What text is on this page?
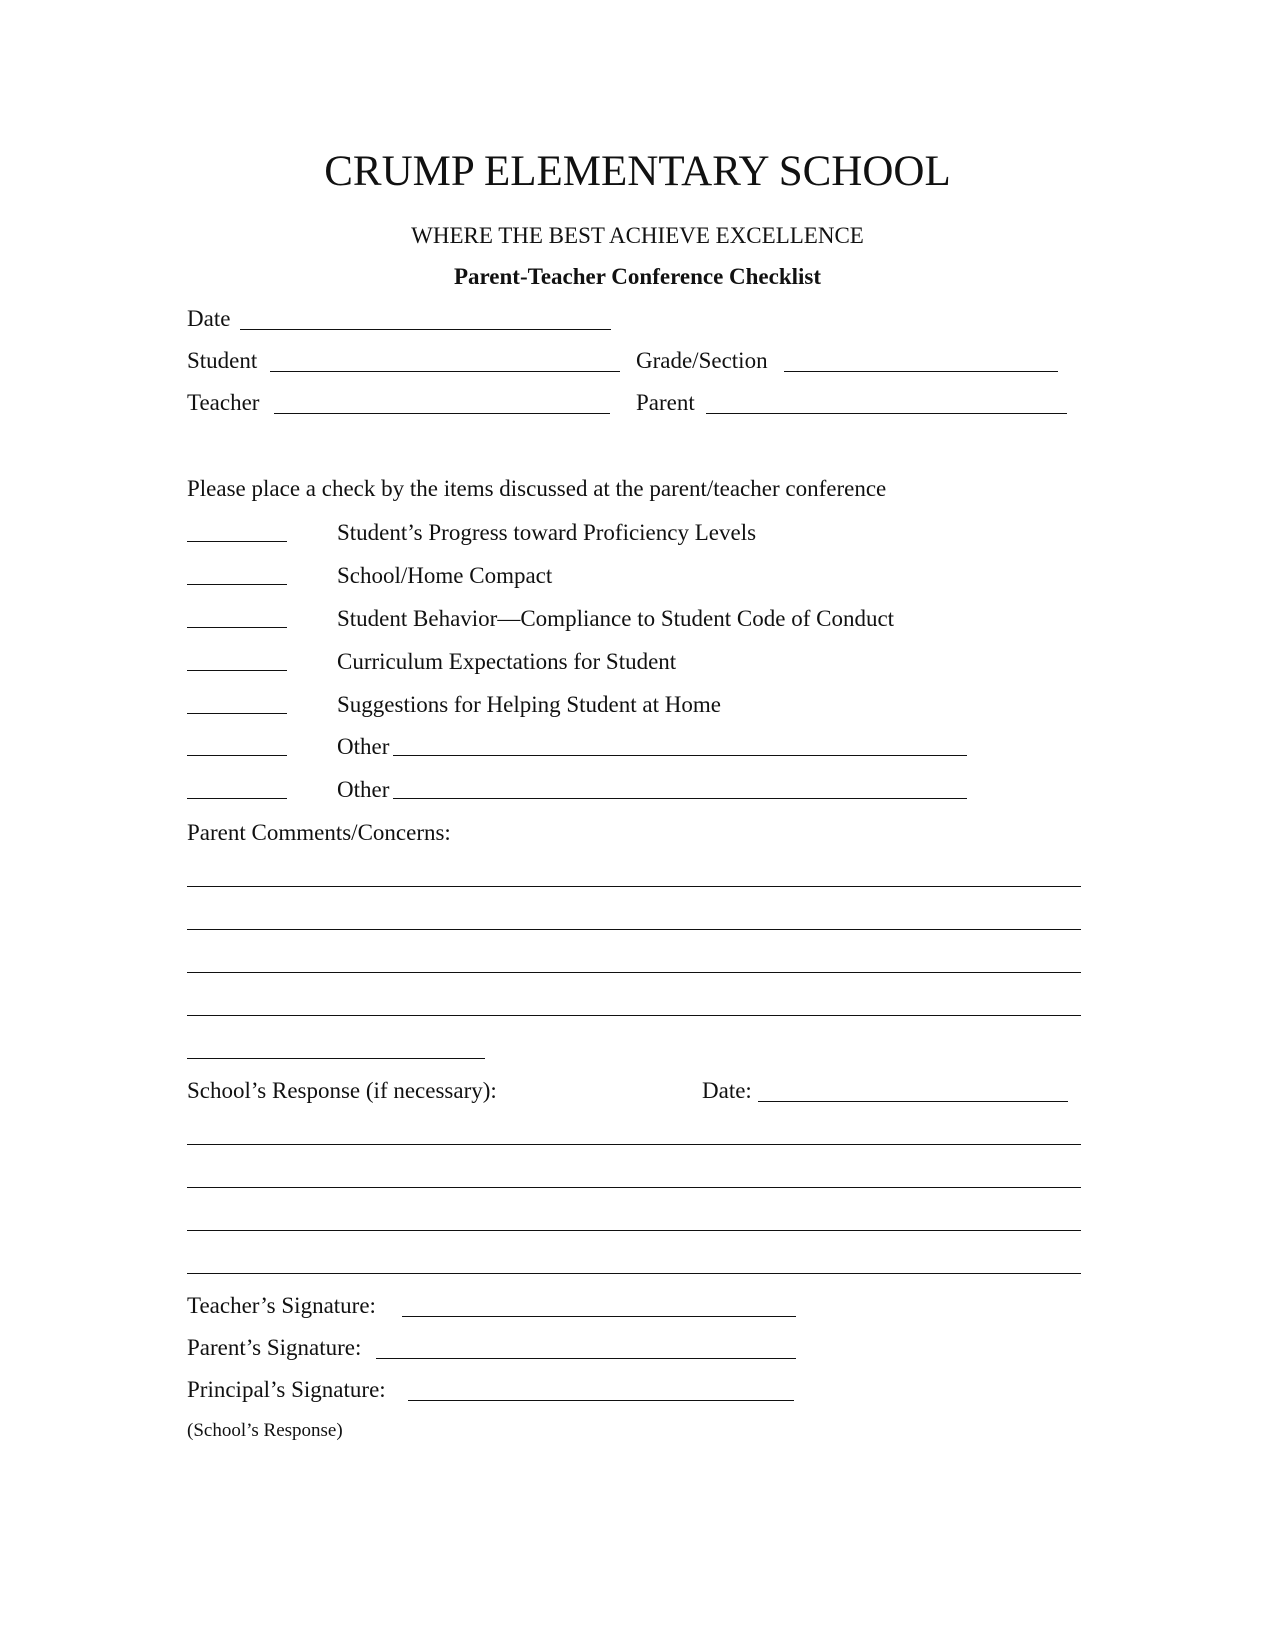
CRUMP ELEMENTARY SCHOOL
WHERE THE BEST ACHIEVE EXCELLENCE
Parent-Teacher Conference Checklist
Date
Student	Grade/Section
Teacher	Parent
Please place a check by the items discussed at the parent/teacher conference
Student’s Progress toward Proficiency Levels
School/Home Compact
Student Behavior—Compliance to Student Code of Conduct
Curriculum Expectations for Student
Suggestions for Helping Student at Home
Other
Other
Parent Comments/Concerns:
School’s Response (if necessary):	Date:
Teacher’s Signature:
Parent’s Signature:
Principal’s Signature:
(School’s Response)
